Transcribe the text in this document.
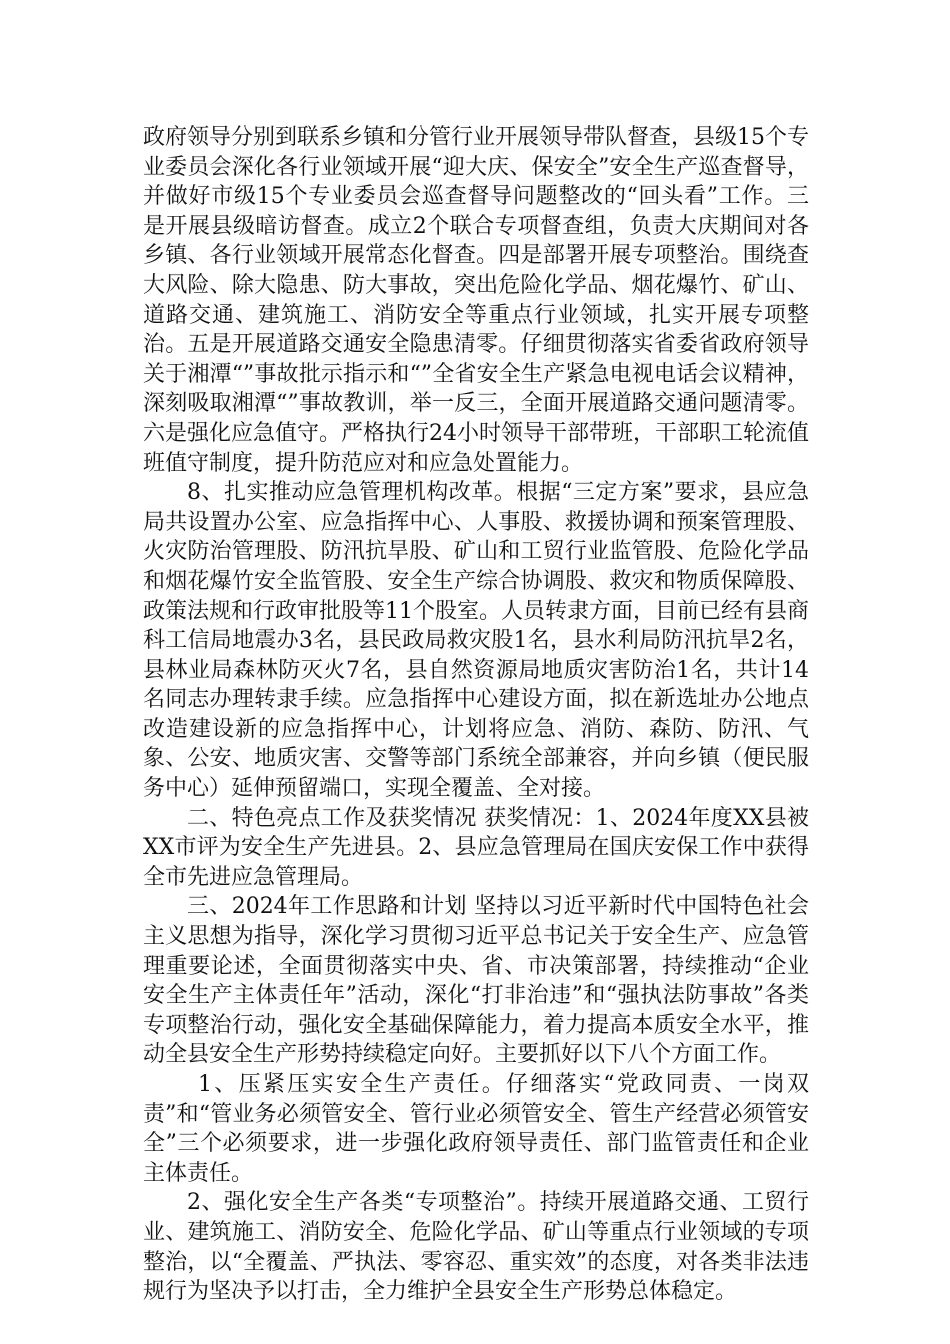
政府领导分别到联系乡镇和分管行业开展领导带队督查，县级15个专业委员会深化各行业领域开展“迎大庆、保安全”安全生产巡查督导，并做好市级15个专业委员会巡查督导问题整改的“回头看”工作。三是开展县级暗访督查。成立2个联合专项督查组，负责大庆期间对各乡镇、各行业领域开展常态化督查。四是部署开展专项整治。围绕查大风险、除大隐患、防大事故，突出危险化学品、烟花爆竹、矿山、道路交通、建筑施工、消防安全等重点行业领域，扎实开展专项整治。五是开展道路交通安全隐患清零。仔细贯彻落实省委省政府领导关于湘潭“”事故批示指示和“”全省安全生产紧急电视电话会议精神，深刻吸取湘潭“”事故教训，举一反三，全面开展道路交通问题清零。六是强化应急值守。严格执行24小时领导干部带班，干部职工轮流值班值守制度，提升防范应对和应急处置能力。

8、扎实推动应急管理机构改革。根据“三定方案”要求，县应急局共设置办公室、应急指挥中心、人事股、救援协调和预案管理股、火灾防治管理股、防汛抗旱股、矿山和工贸行业监管股、危险化学品和烟花爆竹安全监管股、安全生产综合协调股、救灾和物质保障股、政策法规和行政审批股等11个股室。人员转隶方面，目前已经有县商科工信局地震办3名，县民政局救灾股1名，县水利局防汛抗旱2名，县林业局森林防灭火7名，县自然资源局地质灾害防治1名，共计14名同志办理转隶手续。应急指挥中心建设方面，拟在新选址办公地点改造建设新的应急指挥中心，计划将应急、消防、森防、防汛、气象、公安、地质灾害、交警等部门系统全部兼容，并向乡镇（便民服务中心）延伸预留端口，实现全覆盖、全对接。

二、特色亮点工作及获奖情况 获奖情况：1、2024年度XX县被XX市评为安全生产先进县。2、县应急管理局在国庆安保工作中获得全市先进应急管理局。

三、2024年工作思路和计划 坚持以习近平新时代中国特色社会主义思想为指导，深化学习贯彻习近平总书记关于安全生产、应急管理重要论述，全面贯彻落实中央、省、市决策部署，持续推动“企业安全生产主体责任年”活动，深化“打非治违”和“强执法防事故”各类专项整治行动，强化安全基础保障能力，着力提高本质安全水平，推动全县安全生产形势持续稳定向好。主要抓好以下八个方面工作。

1、压紧压实安全生产责任。仔细落实“党政同责、一岗双责”和“管业务必须管安全、管行业必须管安全、管生产经营必须管安全”三个必须要求，进一步强化政府领导责任、部门监管责任和企业主体责任。

2、强化安全生产各类“专项整治”。持续开展道路交通、工贸行业、建筑施工、消防安全、危险化学品、矿山等重点行业领域的专项整治，以“全覆盖、严执法、零容忍、重实效”的态度，对各类非法违规行为坚决予以打击，全力维护全县安全生产形势总体稳定。
